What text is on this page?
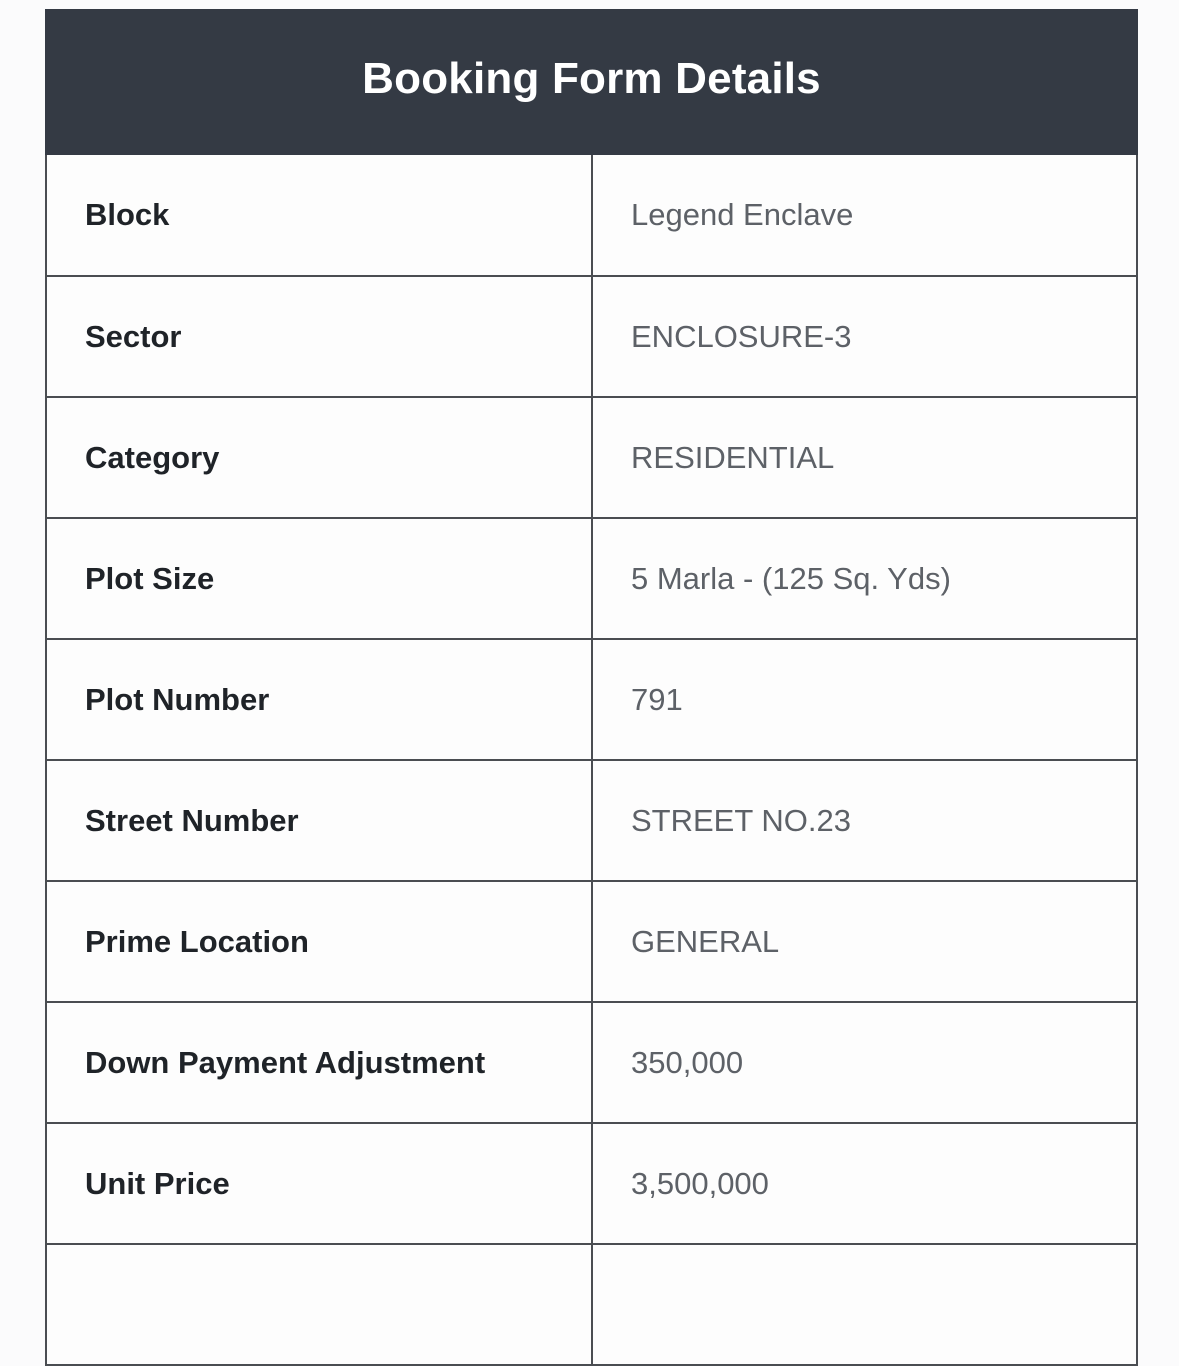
Booking Form Details
Block	Legend Enclave
Sector	ENCLOSURE-3
Category	RESIDENTIAL
Plot Size	5 Marla - (125 Sq. Yds)
Plot Number	791
Street Number	STREET NO.23
Prime Location	GENERAL
Down Payment Adjustment	350,000
Unit Price	3,500,000
